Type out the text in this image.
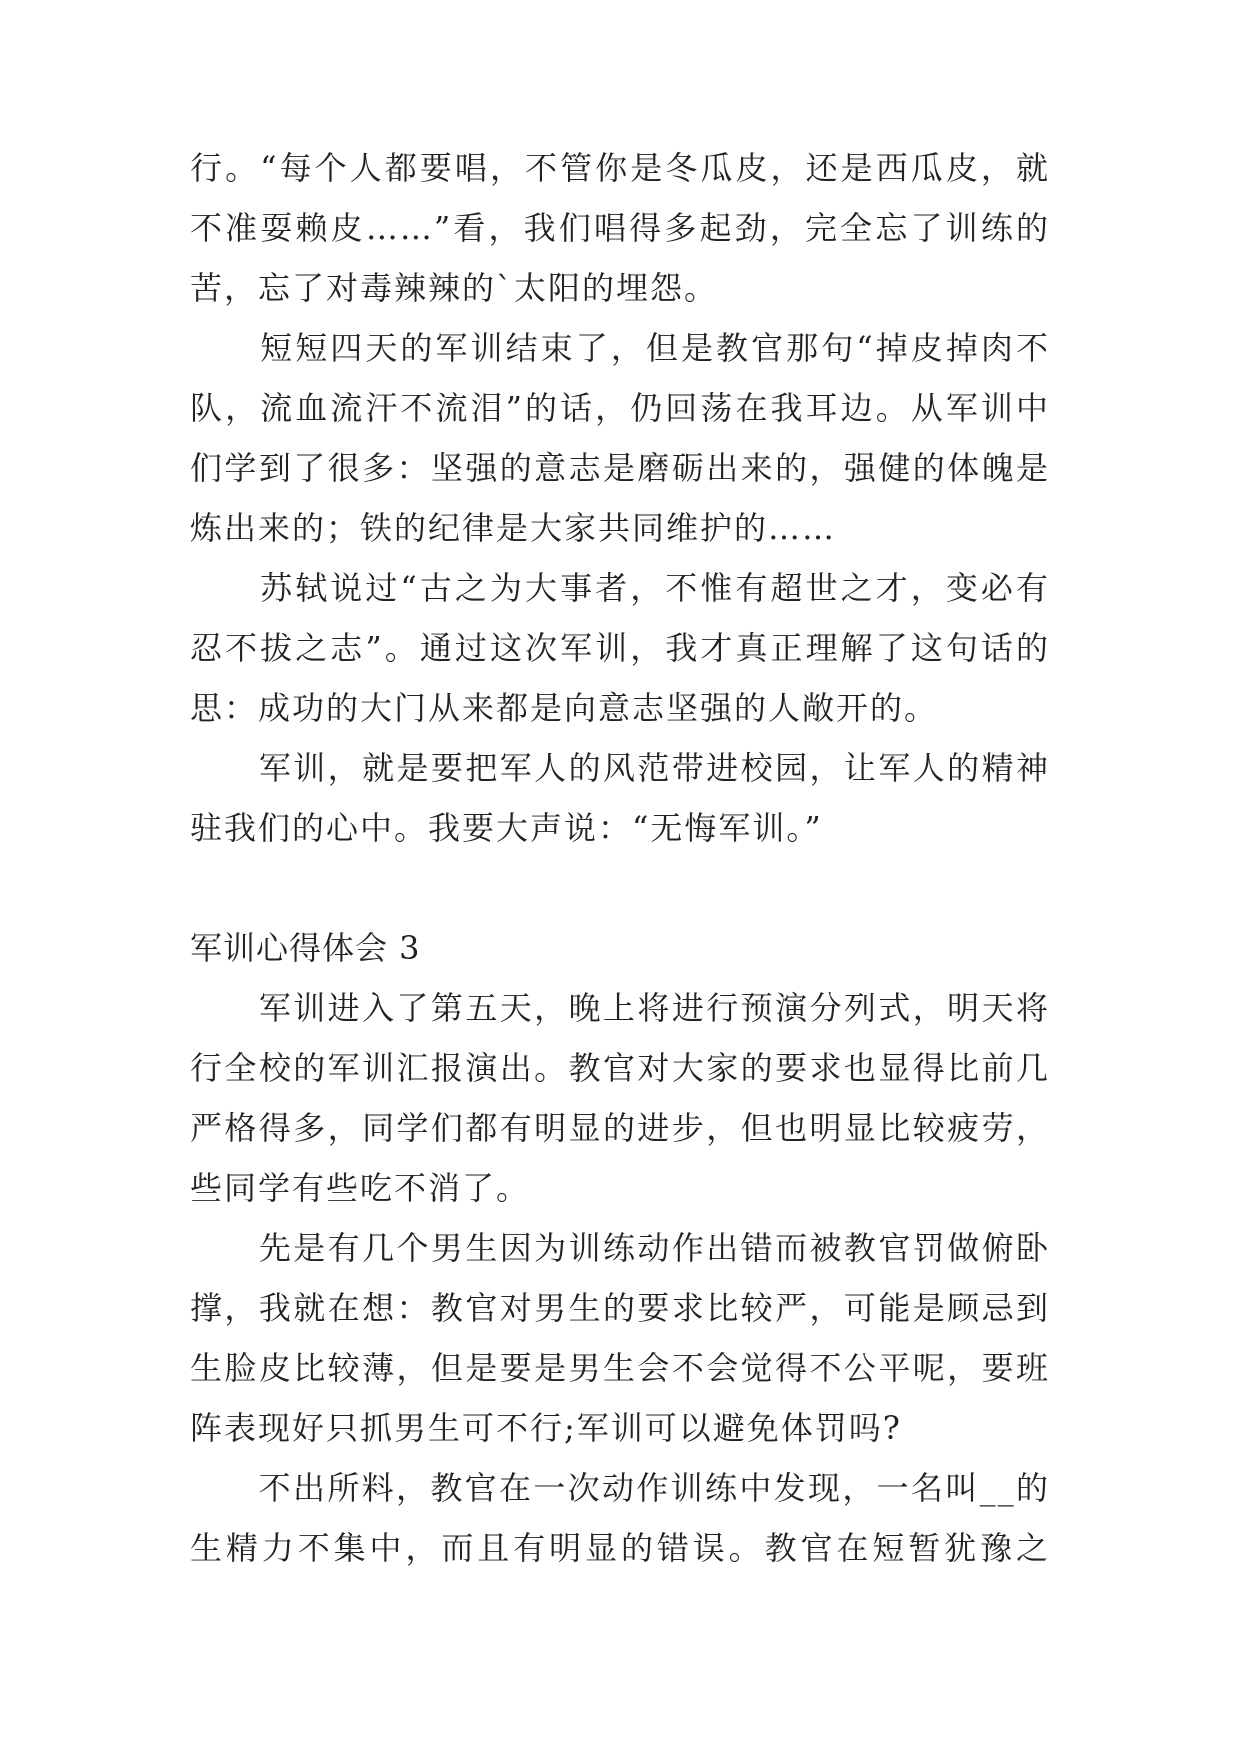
行。“每个人都要唱，不管你是冬瓜皮，还是西瓜皮，就
不准耍赖皮……”看，我们唱得多起劲，完全忘了训练的
苦，忘了对毒辣辣的`太阳的埋怨。
　　短短四天的军训结束了，但是教官那句“掉皮掉肉不
队，流血流汗不流泪”的话，仍回荡在我耳边。从军训中
们学到了很多：坚强的意志是磨砺出来的，强健的体魄是
炼出来的；铁的纪律是大家共同维护的……
　　苏轼说过“古之为大事者，不惟有超世之才，变必有
忍不拔之志”。通过这次军训，我才真正理解了这句话的
思：成功的大门从来都是向意志坚强的人敞开的。
　　军训，就是要把军人的风范带进校园，让军人的精神
驻我们的心中。我要大声说：“无悔军训。”
军训心得体会 3
　　军训进入了第五天，晚上将进行预演分列式，明天将
行全校的军训汇报演出。教官对大家的要求也显得比前几
严格得多，同学们都有明显的进步，但也明显比较疲劳，
些同学有些吃不消了。
　　先是有几个男生因为训练动作出错而被教官罚做俯卧
撑，我就在想：教官对男生的要求比较严，可能是顾忌到
生脸皮比较薄，但是要是男生会不会觉得不公平呢，要班
阵表现好只抓男生可不行;军训可以避免体罚吗?
　　不出所料，教官在一次动作训练中发现，一名叫__的
生精力不集中，而且有明显的错误。教官在短暂犹豫之
